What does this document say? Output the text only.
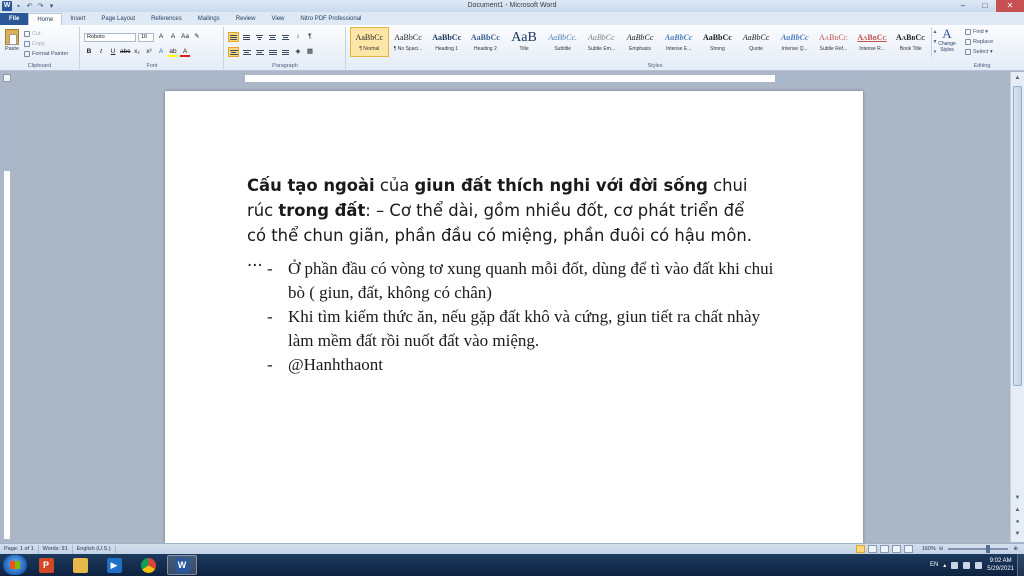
W ▪ ↶ ↷ ▾	Document1 - Microsoft Word	–	□	✕
File	Home	Insert	Page Layout	References	Mailings	Review	View	Nitro PDF Professional
Paste
Cut
Copy
Format Painter
Clipboard
Roboto	16	A	A Aa ✎
B	I	U abc x₂ x²	A ab A
Font
↕	¶
◈ ▦
Paragraph
AaBbCc
¶ Normal
AaBbCc
¶ No Spaci...
AaBbCc
Heading 1
AaBbCc
Heading 2
AaB
Title
AaBbCc.
Subtitle
AaBbCc
Subtle Em...
AaBbCc
Emphasis
AaBbCc
Intense E...
AaBbCc
Strong
AaBbCc
Quote
AaBbCc
Intense Q...
AaBbCc
Subtle Ref...
AaBbCc
Intense R...
AaBbCc
Book Title
▲
▼
▾
A
Change Styles
Styles
Find ▾
Replace
Select ▾
Editing

Cấu tạo ngoài của giun đất thích nghi với đời sống chui rúc trong đất: – Cơ thể dài, gồm nhiều đốt, cơ phát triển để có thể chun giãn, phần đầu có miệng, phần đuôi có hậu môn. ...

-	Ở phần đầu có vòng tơ xung quanh mỗi đốt, dùng để tì vào đất khi chui bò ( giun, đất, không có chân)
- Khi tìm kiếm thức ăn, nếu gặp đất khô và cứng, giun tiết ra chất nhày làm mềm đất rồi nuốt đất vào miệng.
- @Hanhthaont
▲
▼
▲
●
▼
Page: 1 of 1	Words: 91	English (U.S.)	160% ⊖	⊕
P	▶	W	EN ▴
9:02 AM
5/29/2021
